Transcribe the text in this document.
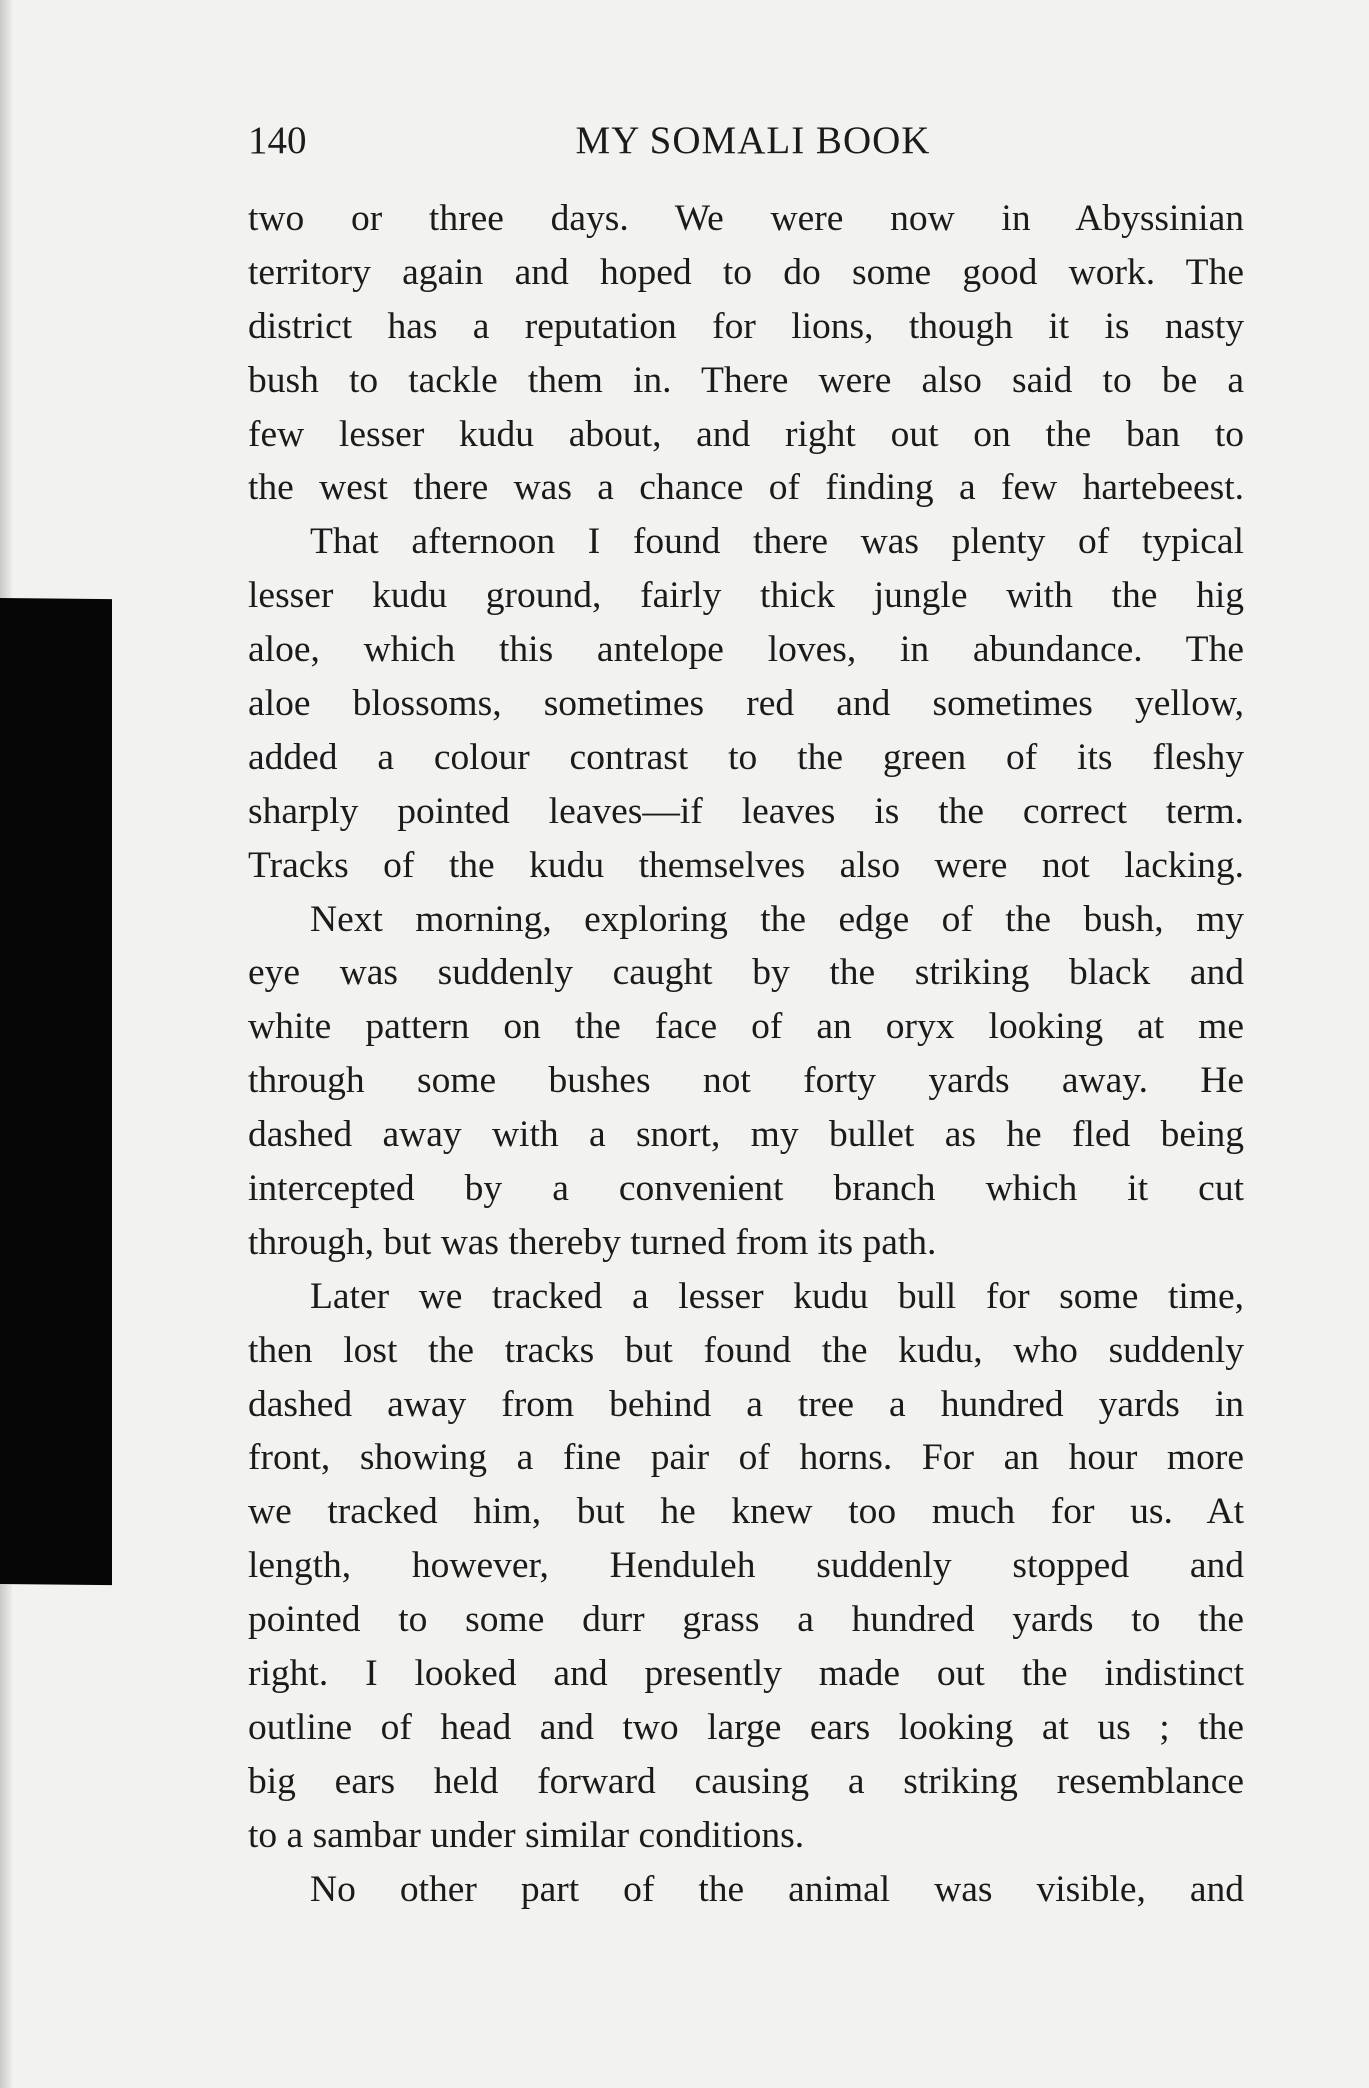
140	MY SOMALI BOOK
two or three days. We were now in Abyssinian
territory again and hoped to do some good work. The
district has a reputation for lions, though it is nasty
bush to tackle them in. There were also said to be a
few lesser kudu about, and right out on the ban to
the west there was a chance of finding a few hartebeest.
That afternoon I found there was plenty of typical
lesser kudu ground, fairly thick jungle with the hig
aloe, which this antelope loves, in abundance. The
aloe blossoms, sometimes red and sometimes yellow,
added a colour contrast to the green of its fleshy
sharply pointed leaves—if leaves is the correct term.
Tracks of the kudu themselves also were not lacking.
Next morning, exploring the edge of the bush, my
eye was suddenly caught by the striking black and
white pattern on the face of an oryx looking at me
through some bushes not forty yards away. He
dashed away with a snort, my bullet as he fled being
intercepted by a convenient branch which it cut
through, but was thereby turned from its path.
Later we tracked a lesser kudu bull for some time,
then lost the tracks but found the kudu, who suddenly
dashed away from behind a tree a hundred yards in
front, showing a fine pair of horns. For an hour more
we tracked him, but he knew too much for us. At
length, however, Henduleh suddenly stopped and
pointed to some durr grass a hundred yards to the
right. I looked and presently made out the indistinct
outline of head and two large ears looking at us ; the
big ears held forward causing a striking resemblance
to a sambar under similar conditions.
No other part of the animal was visible, and
